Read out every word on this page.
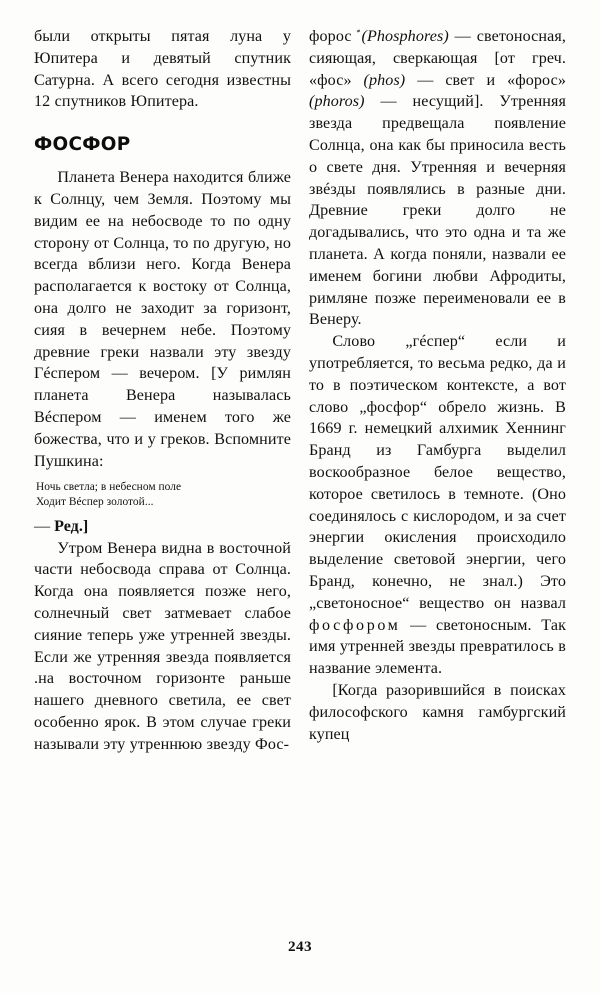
были открыты пятая луна у Юпитера и девятый спутник Сатурна. А всего сегодня известны 12 спутников Юпитера.

ФОСФОР

Планета Венера находится ближе к Солнцу, чем Земля. Поэтому мы видим ее на небосводе то по одну сторону от Солнца, то по другую, но всегда вблизи него. Когда Венера располагается к востоку от Солнца, она долго не заходит за горизонт, сияя в вечернем небе. Поэтому древние греки назвали эту звезду Гéспером — вечером. [У римлян планета Венера называлась Вéспером — именем того же божества, что и у греков. Вспомните Пушкина:

Ночь светла; в небесном поле
Ходит Вéспер золотой...

— Ред.]

Утром Венера видна в восточной части небосвода справа от Солнца. Когда она появляется позже него, солнечный свет затмевает слабое сияние теперь уже утренней звезды. Если же утренняя звезда появляется .на восточном горизонте раньше нашего дневного светила, ее свет особенно ярок. В этом случае греки называли эту утреннюю звезду Фос-

форос (Phosphores) — светоносная, сияющая, сверкающая [от греч. «фос» (phos) — свет и «форос» (phoros) — несущий]. Утренняя звезда предвещала появление Солнца, она как бы приносила весть о свете дня. Утренняя и вечерняя звéзды появлялись в разные дни. Древние греки долго не догадывались, что это одна и та же планета. А когда поняли, назвали ее именем богини любви Афродиты, римляне позже переименовали ее в Венеру.

Слово „гéспер“ если и употребляется, то весьма редко, да и то в поэтическом контексте, а вот слово „фосфор“ обрело жизнь. В 1669 г. немецкий алхимик Хеннинг Бранд из Гамбурга выделил воскообразное белое вещество, которое светилось в темноте. (Оно соединялось с кислородом, и за счет энергии окисления происходило выделение световой энергии, чего Бранд, конечно, не знал.) Это „светоносное“ вещество он назвал фосфором — светоносным. Так имя утренней звезды превратилось в название элемента.

[Когда разорившийся в поисках философского камня гамбургский купец

243
